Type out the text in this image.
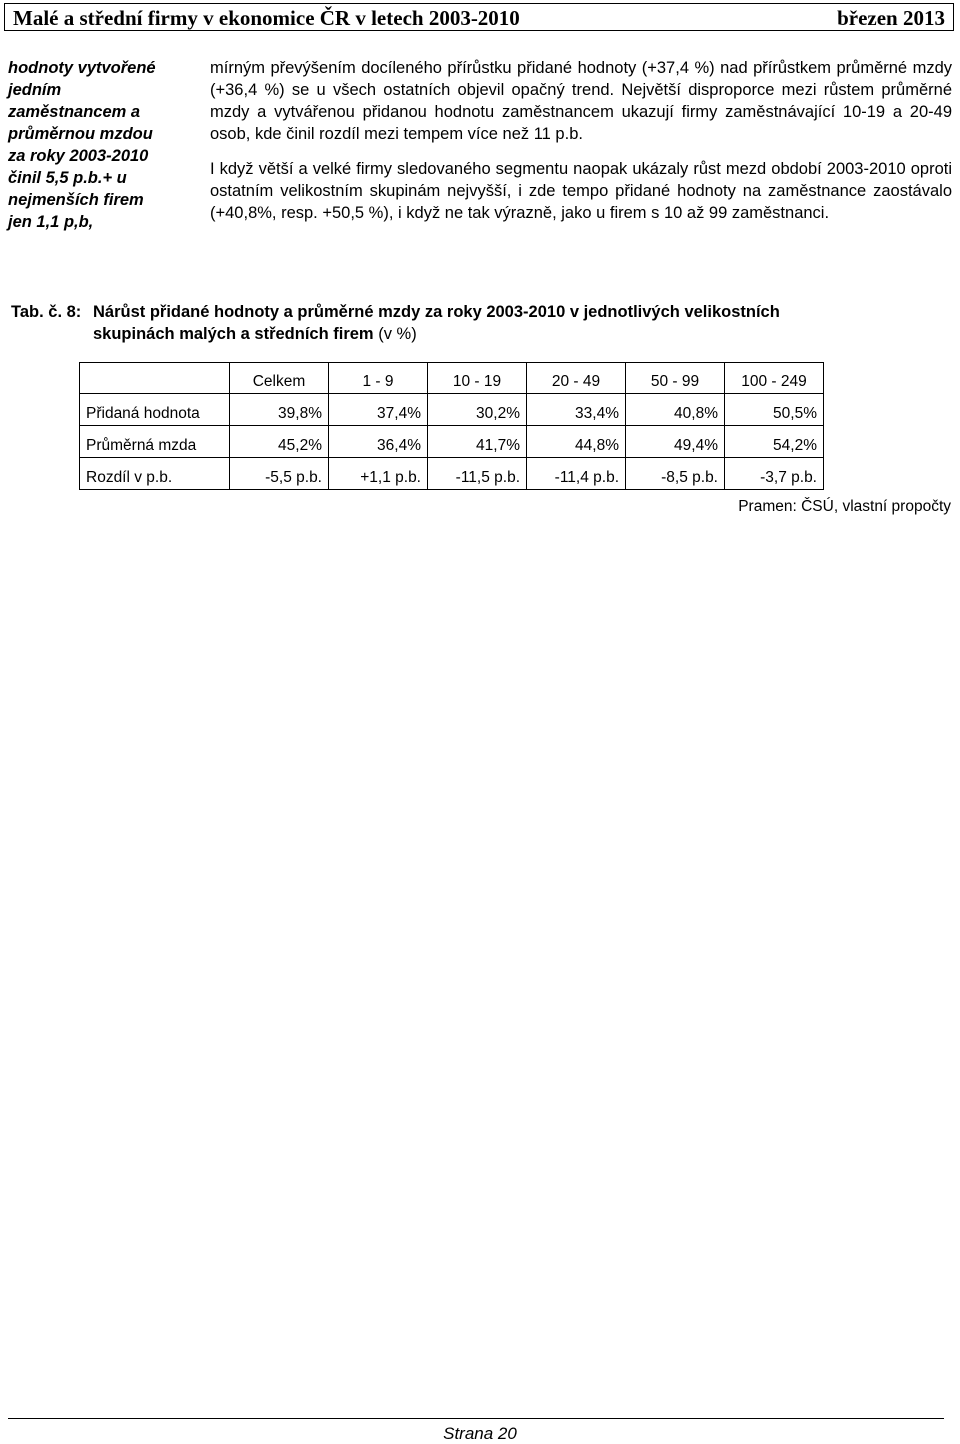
Malé a střední firmy v ekonomice ČR v letech 2003-2010	březen 2013
hodnoty vytvořené
jedním
zaměstnancem a
průměrnou mzdou
za roky 2003-2010
činil 5,5 p.b.+ u
nejmenších firem
jen 1,1 p,b,

mírným převýšením docíleného přírůstku přidané hodnoty (+37,4 %) nad přírůstkem průměrné mzdy (+36,4 %) se u všech ostatních objevil opačný trend. Největší disproporce mezi růstem průměrné mzdy a vytvářenou přidanou hodnotu zaměstnancem ukazují firmy zaměstnávající 10-19 a 20-49 osob, kde činil rozdíl mezi tempem více než 11 p.b.

I když větší a velké firmy sledovaného segmentu naopak ukázaly růst mezd období 2003-2010 oproti ostatním velikostním skupinám nejvyšší, i zde tempo přidané hodnoty na zaměstnance zaostávalo (+40,8%, resp. +50,5 %), i když ne tak výrazně, jako u firem s 10 až 99 zaměstnanci.

Tab. č. 8: Nárůst přidané hodnoty a průměrné mzdy za roky 2003-2010 v jednotlivých velikostních
skupinách malých a středních firem (v %)
	Celkem	1 - 9	10 - 19	20 - 49	50 - 99	100 - 249
Přidaná hodnota	39,8%	37,4%	30,2%	33,4%	40,8%	50,5%
Průměrná mzda	45,2%	36,4%	41,7%	44,8%	49,4%	54,2%
Rozdíl v p.b.	-5,5 p.b.	+1,1 p.b.	-11,5 p.b.	-11,4 p.b.	-8,5 p.b.	-3,7 p.b.
Pramen: ČSÚ, vlastní propočty
Strana 20
